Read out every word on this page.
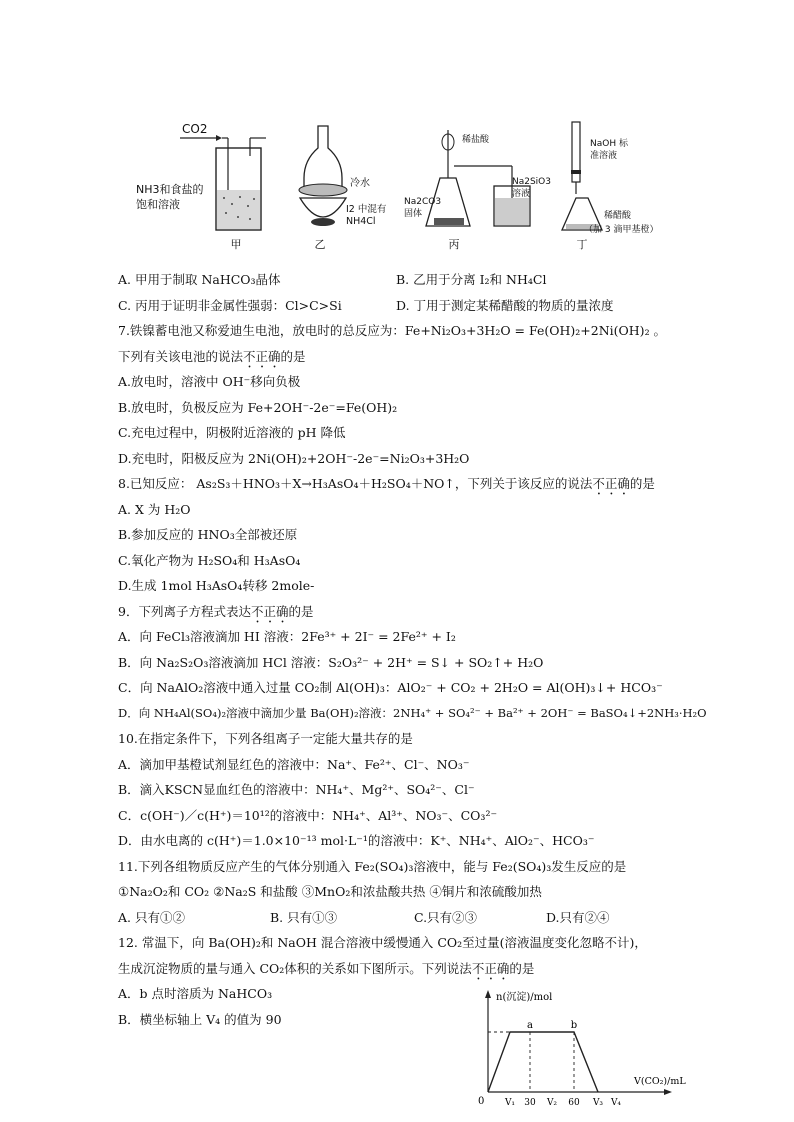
CO2
NH3和食盐的饱和溶液
甲
冷水
I2 中混有 NH4Cl
乙
稀盐酸
Na2CO3 固体
Na2SiO3 溶液
丙
NaOH 标准溶液
稀醋酸
（加 3 滴甲基橙）
丁
A. 甲用于制取 NaHCO₃晶体	B. 乙用于分离 I₂和 NH₄Cl
C. 丙用于证明非金属性强弱：Cl>C>Si	D. 丁用于测定某稀醋酸的物质的量浓度
7.铁镍蓄电池又称爱迪生电池，放电时的总反应为：Fe+Ni₂O₃+3H₂O = Fe(OH)₂+2Ni(OH)₂ 。
下列有关该电池的说法不正确的是
A.放电时，溶液中 OH⁻移向负极
B.放电时，负极反应为 Fe+2OH⁻-2e⁻=Fe(OH)₂
C.充电过程中，阴极附近溶液的 pH 降低
D.充电时，阳极反应为 2Ni(OH)₂+2OH⁻-2e⁻=Ni₂O₃+3H₂O
8.已知反应： As₂S₃＋HNO₃＋X→H₃AsO₄＋H₂SO₄＋NO↑，下列关于该反应的说法不正确的是
A. X 为 H₂O
B.参加反应的 HNO₃全部被还原
C.氧化产物为 H₂SO₄和 H₃AsO₄
D.生成 1mol H₃AsO₄转移 2mole-
9．下列离子方程式表达不正确的是
A．向 FeCl₃溶液滴加 HI 溶液：2Fe³⁺ + 2I⁻ = 2Fe²⁺ + I₂
B．向 Na₂S₂O₃溶液滴加 HCl 溶液：S₂O₃²⁻ + 2H⁺ = S↓ + SO₂↑+ H₂O
C．向 NaAlO₂溶液中通入过量 CO₂制 Al(OH)₃：AlO₂⁻ + CO₂ + 2H₂O = Al(OH)₃↓+ HCO₃⁻
D．向 NH₄Al(SO₄)₂溶液中滴加少量 Ba(OH)₂溶液：2NH₄⁺ + SO₄²⁻ + Ba²⁺ + 2OH⁻ = BaSO₄↓+2NH₃·H₂O
10.在指定条件下，下列各组离子一定能大量共存的是
A．滴加甲基橙试剂显红色的溶液中：Na⁺、Fe²⁺、Cl⁻、NO₃⁻
B．滴入KSCN显血红色的溶液中：NH₄⁺、Mg²⁺、SO₄²⁻、Cl⁻
C．c(OH⁻)／c(H⁺)＝10¹²的溶液中：NH₄⁺、Al³⁺、NO₃⁻、CO₃²⁻
D．由水电离的 c(H⁺)＝1.0×10⁻¹³ mol·L⁻¹的溶液中：K⁺、NH₄⁺、AlO₂⁻、HCO₃⁻
11.下列各组物质反应产生的气体分别通入 Fe₂(SO₄)₃溶液中，能与 Fe₂(SO₄)₃发生反应的是
①Na₂O₂和 CO₂ ②Na₂S 和盐酸 ③MnO₂和浓盐酸共热 ④铜片和浓硫酸加热
A. 只有①②	B. 只有①③	C.只有②③	D.只有②④
12. 常温下，向 Ba(OH)₂和 NaOH 混合溶液中缓慢通入 CO₂至过量(溶液温度变化忽略不计)，
生成沉淀物质的量与通入 CO₂体积的关系如下图所示。下列说法不正确的是
A．b 点时溶质为 NaHCO₃
B．横坐标轴上 V₄ 的值为 90	a	b
n(沉淀)/mol
V(CO₂)/mL
0 V₁ 30 V₂ 60 V₃ V₄
